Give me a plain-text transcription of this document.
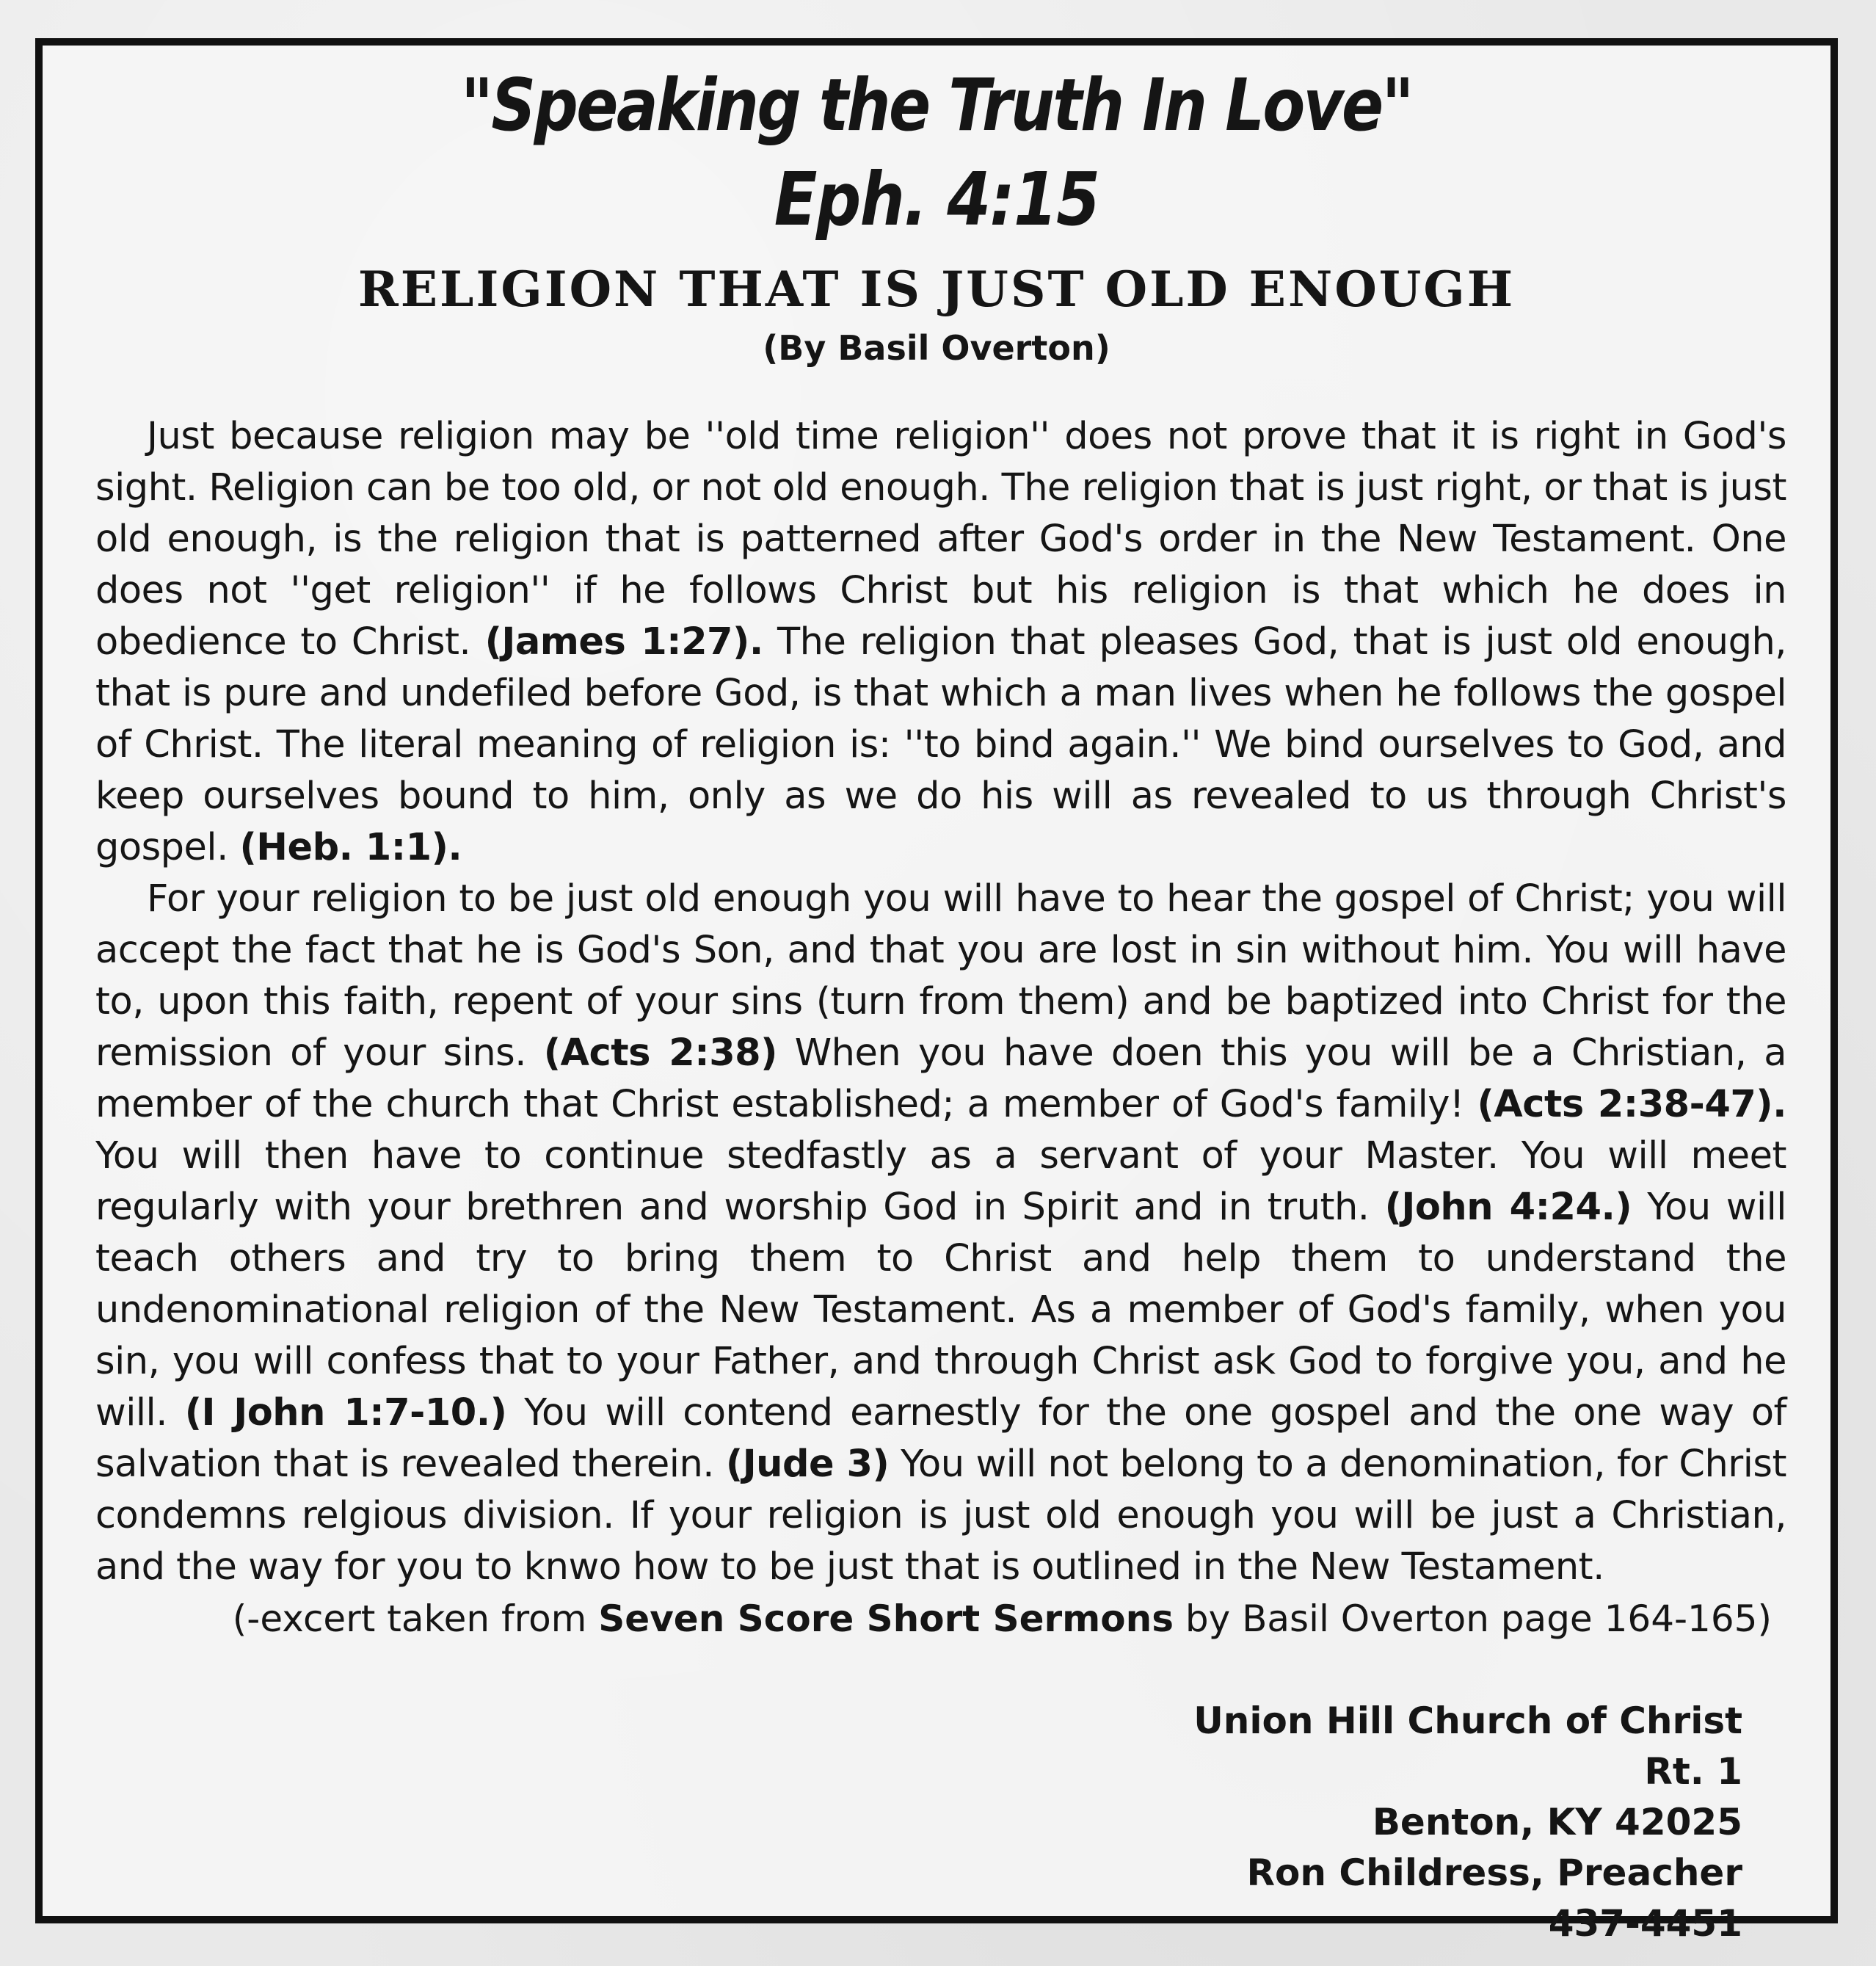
"Speaking the Truth In Love"
Eph. 4:15
RELIGION THAT IS JUST OLD ENOUGH
(By Basil Overton)

Just because religion may be ''old time religion'' does not prove that it is right in God's sight. Religion can be too old, or not old enough. The religion that is just right, or that is just old enough, is the religion that is patterned after God's order in the New Testament. One does not ''get religion'' if he follows Christ but his religion is that which he does in obedience to Christ. (James 1:27). The religion that pleases God, that is just old enough, that is pure and undefiled before God, is that which a man lives when he follows the gospel of Christ. The literal meaning of religion is: ''to bind again.'' We bind ourselves to God, and keep ourselves bound to him, only as we do his will as revealed to us through Christ's gospel. (Heb. 1:1).

For your religion to be just old enough you will have to hear the gospel of Christ; you will accept the fact that he is God's Son, and that you are lost in sin without him. You will have to, upon this faith, repent of your sins (turn from them) and be baptized into Christ for the remission of your sins. (Acts 2:38) When you have doen this you will be a Christian, a member of the church that Christ established; a member of God's family! (Acts 2:38-47). You will then have to continue stedfastly as a servant of your Master. You will meet regularly with your brethren and worship God in Spirit and in truth. (John 4:24.) You will teach others and try to bring them to Christ and help them to understand the undenominational religion of the New Testament. As a member of God's family, when you sin, you will confess that to your Father, and through Christ ask God to forgive you, and he will. (I John 1:7-10.) You will contend earnestly for the one gospel and the one way of salvation that is revealed therein. (Jude 3) You will not belong to a denomination, for Christ condemns relgious division. If your religion is just old enough you will be just a Christian, and the way for you to knwo how to be just that is outlined in the New Testament.

(-excert taken from Seven Score Short Sermons by Basil Overton page 164-165)
Union Hill Church of Christ
Rt. 1
Benton, KY 42025
Ron Childress, Preacher
437-4451
